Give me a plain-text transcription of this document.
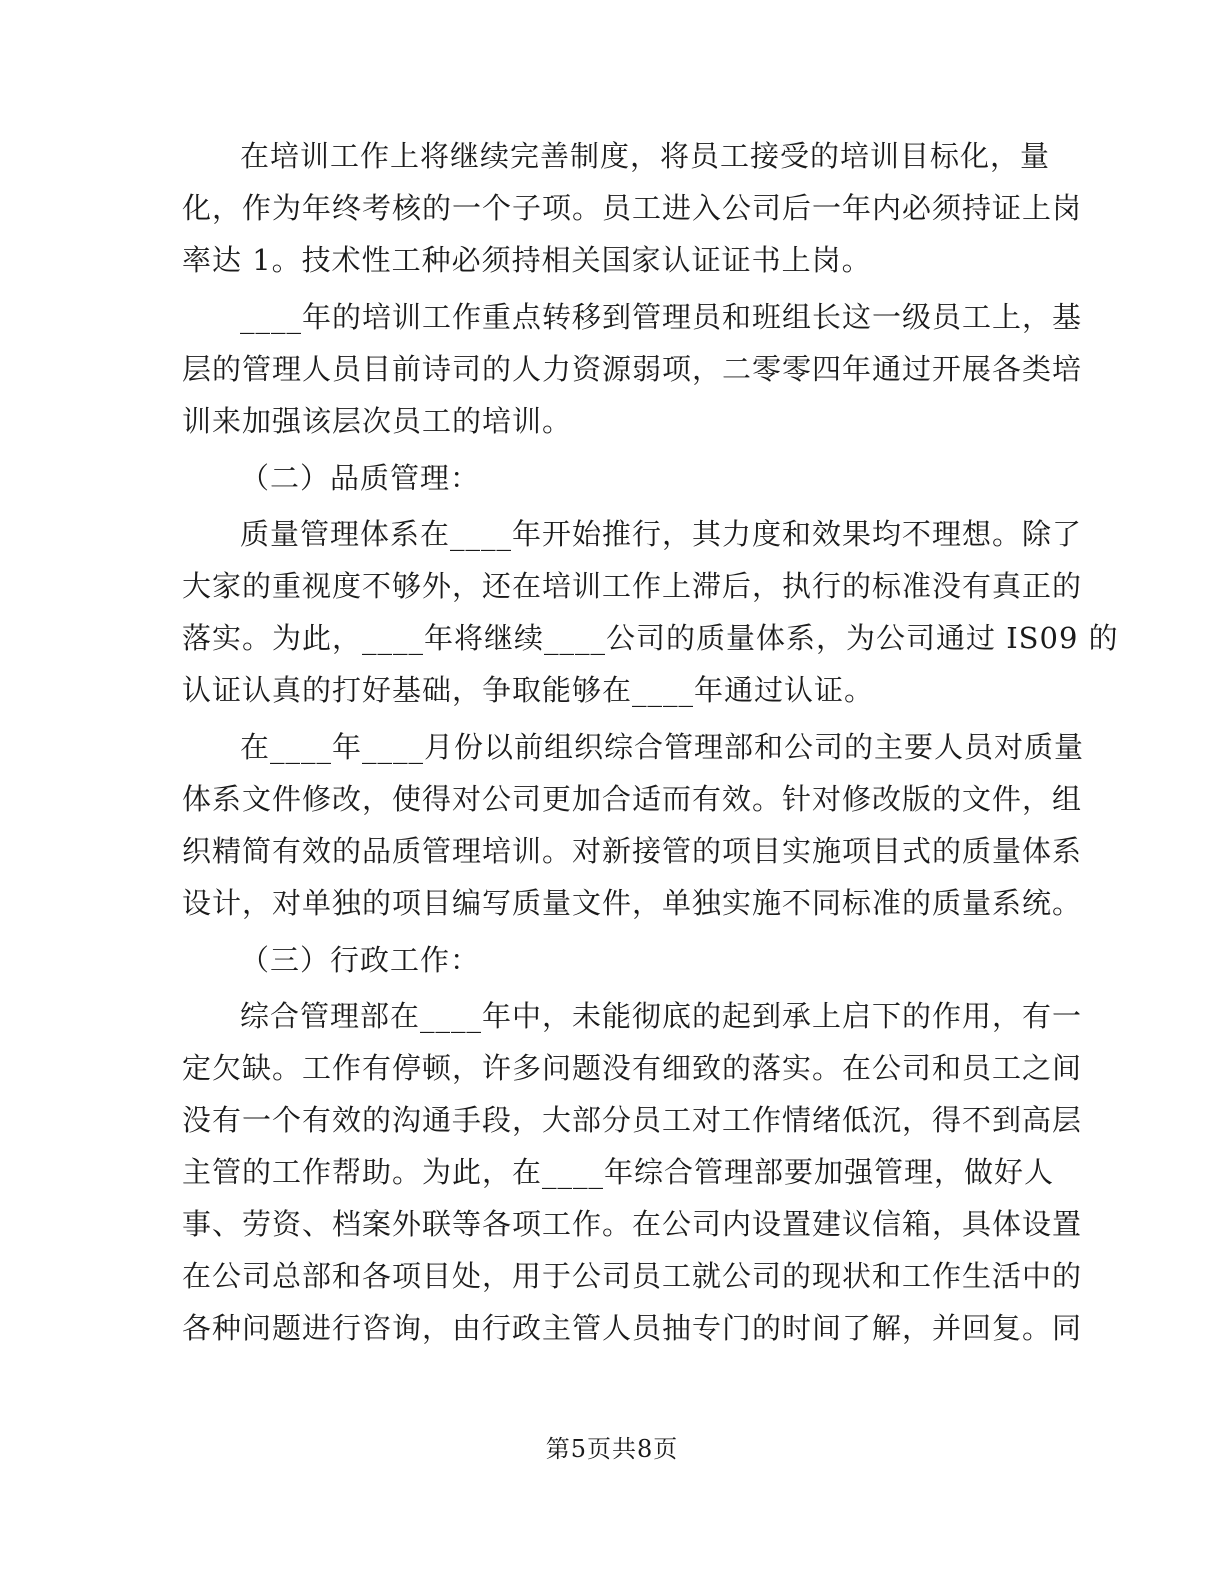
在培训工作上将继续完善制度，将员工接受的培训目标化，量
化，作为年终考核的一个子项。员工进入公司后一年内必须持证上岗
率达 1。技术性工种必须持相关国家认证证书上岗。
____年的培训工作重点转移到管理员和班组长这一级员工上，基
层的管理人员目前诗司的人力资源弱项，二零零四年通过开展各类培
训来加强该层次员工的培训。
（二）品质管理：
质量管理体系在____年开始推行，其力度和效果均不理想。除了
大家的重视度不够外，还在培训工作上滞后，执行的标准没有真正的
落实。为此，____年将继续____公司的质量体系，为公司通过 IS09 的
认证认真的打好基础，争取能够在____年通过认证。
在____年____月份以前组织综合管理部和公司的主要人员对质量
体系文件修改，使得对公司更加合适而有效。针对修改版的文件，组
织精简有效的品质管理培训。对新接管的项目实施项目式的质量体系
设计，对单独的项目编写质量文件，单独实施不同标准的质量系统。
（三）行政工作：
综合管理部在____年中，未能彻底的起到承上启下的作用，有一
定欠缺。工作有停顿，许多问题没有细致的落实。在公司和员工之间
没有一个有效的沟通手段，大部分员工对工作情绪低沉，得不到高层
主管的工作帮助。为此，在____年综合管理部要加强管理，做好人
事、劳资、档案外联等各项工作。在公司内设置建议信箱，具体设置
在公司总部和各项目处，用于公司员工就公司的现状和工作生活中的
各种问题进行咨询，由行政主管人员抽专门的时间了解，并回复。同
第5页共8页
